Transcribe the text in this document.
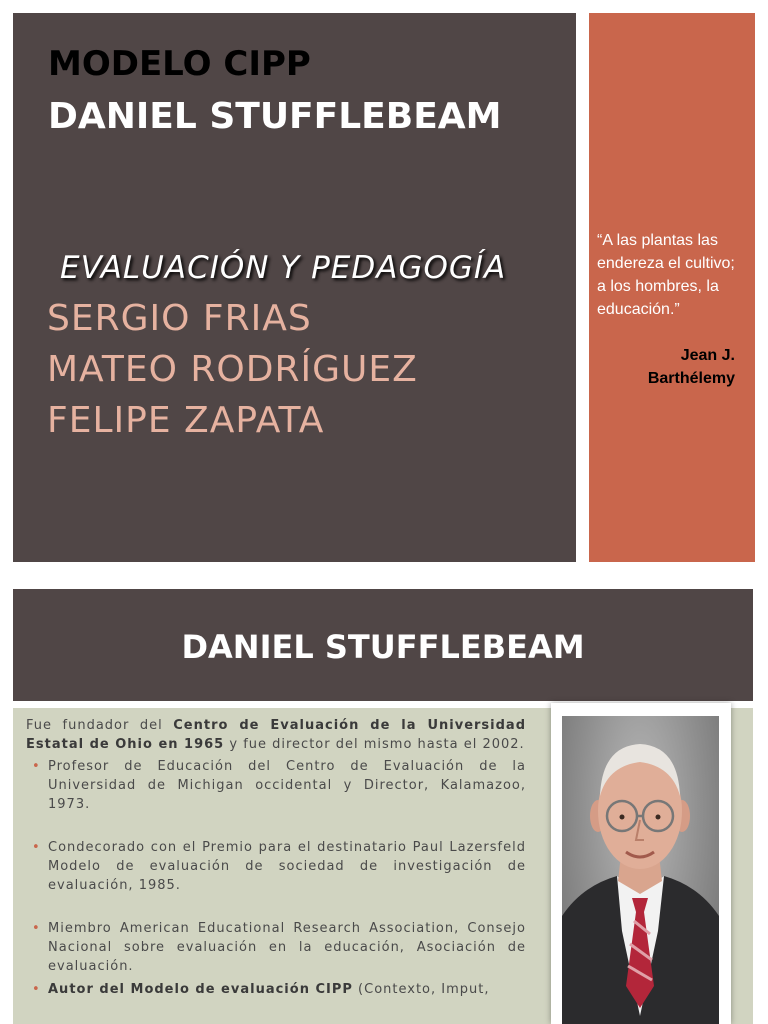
MODELO CIPP
DANIEL STUFFLEBEAM

EVALUACIÓN Y PEDAGOGÍA

SERGIO FRIAS

MATEO RODRÍGUEZ

FELIPE ZAPATA

“A las plantas las endereza el cultivo; a los hombres, la educación.”

Jean J. Barthélemy

DANIEL STUFFLEBEAM

Fue fundador del Centro de Evaluación de la Universidad Estatal de Ohio en 1965 y fue director del mismo hasta el 2002.

• Profesor de Educación del Centro de Evaluación de la Universidad de Michigan occidental y Director, Kalamazoo, 1973.

• Condecorado con el Premio para el destinatario Paul Lazersfeld Modelo de evaluación de sociedad de investigación de evaluación, 1985.

• Miembro American Educational Research Association, Consejo Nacional sobre evaluación en la educación, Asociación de evaluación.

• Autor del Modelo de evaluación CIPP (Contexto, Imput,
